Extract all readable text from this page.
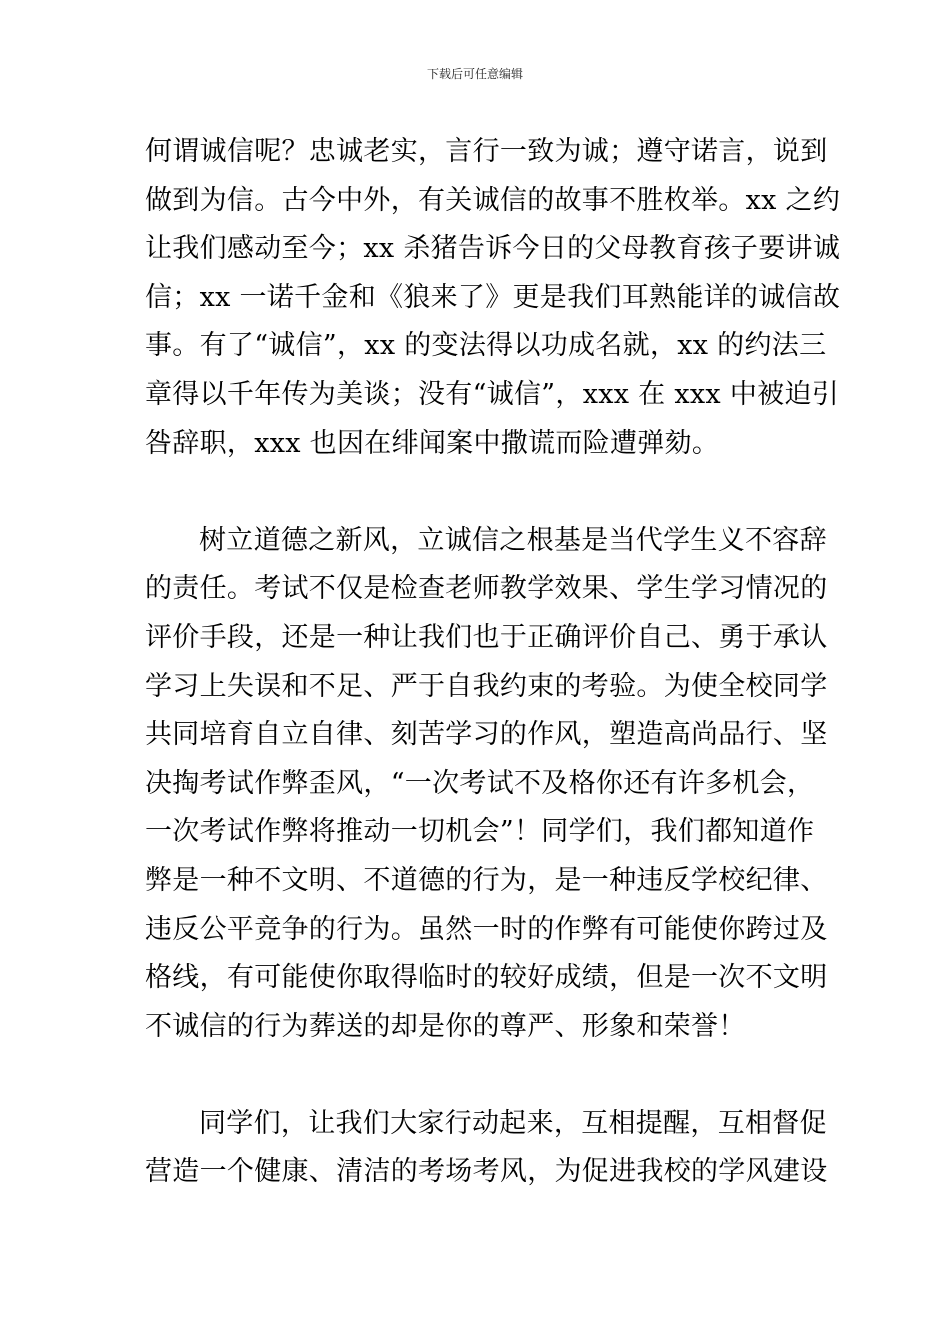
下载后可任意编辑
何谓诚信呢？忠诚老实，言行一致为诚；遵守诺言，说到
做到为信。古今中外，有关诚信的故事不胜枚举。xx 之约
让我们感动至今；xx 杀猪告诉今日的父母教育孩子要讲诚
信；xx 一诺千金和《狼来了》更是我们耳熟能详的诚信故
事。有了“诚信”，xx 的变法得以功成名就，xx 的约法三
章得以千年传为美谈；没有“诚信”，xxx 在 xxx 中被迫引
咎辞职，xxx 也因在绯闻案中撒谎而险遭弹劾。
树立道德之新风，立诚信之根基是当代学生义不容辞
的责任。考试不仅是检查老师教学效果、学生学习情况的
评价手段，还是一种让我们也于正确评价自己、勇于承认
学习上失误和不足、严于自我约束的考验。为使全校同学
共同培育自立自律、刻苦学习的作风，塑造高尚品行、坚
决掏考试作弊歪风，“一次考试不及格你还有许多机会，
一次考试作弊将推动一切机会”！同学们，我们都知道作
弊是一种不文明、不道德的行为，是一种违反学校纪律、
违反公平竞争的行为。虽然一时的作弊有可能使你跨过及
格线，有可能使你取得临时的较好成绩，但是一次不文明
不诚信的行为葬送的却是你的尊严、形象和荣誉！
同学们，让我们大家行动起来，互相提醒，互相督促
营造一个健康、清洁的考场考风，为促进我校的学风建设
